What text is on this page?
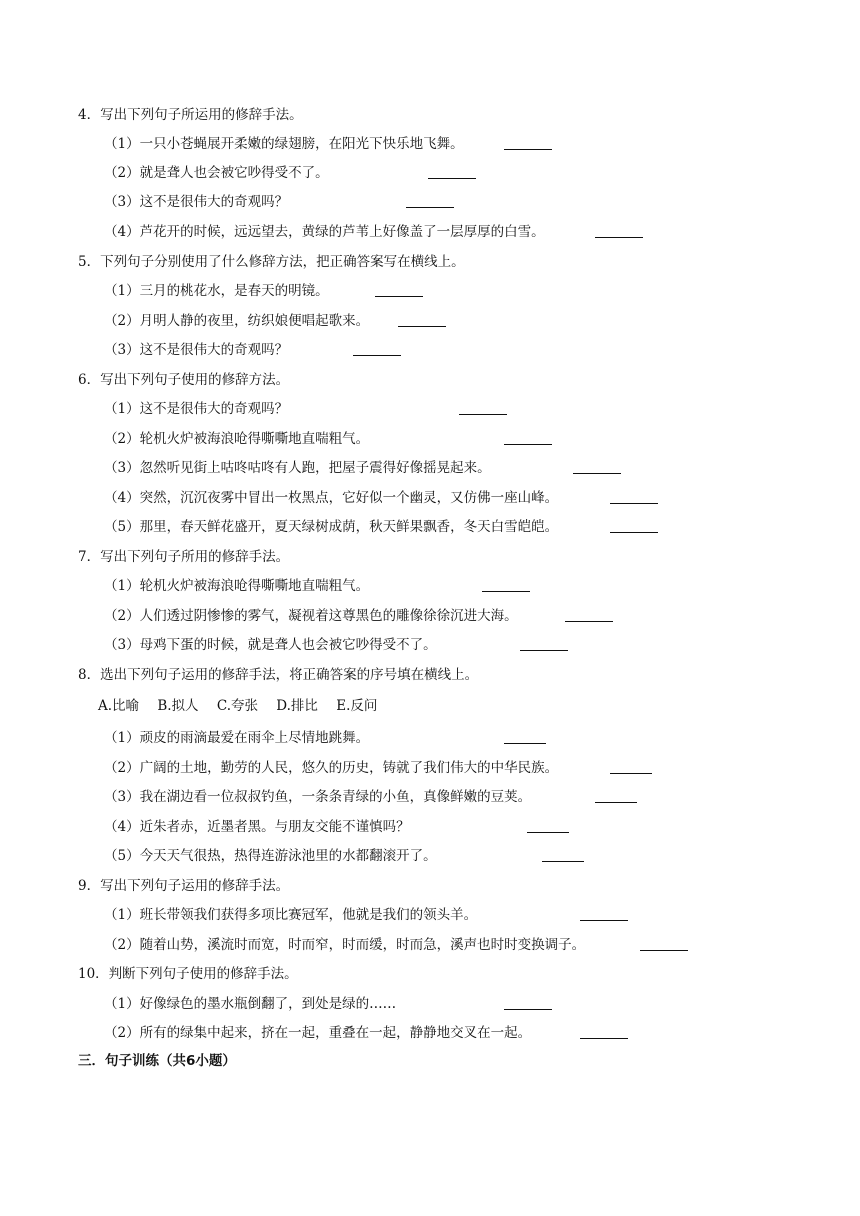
4．写出下列句子所运用的修辞手法。
（1）一只小苍蝇展开柔嫩的绿翅膀，在阳光下快乐地飞舞。
（2）就是聋人也会被它吵得受不了。
（3）这不是很伟大的奇观吗？
（4）芦花开的时候，远远望去，黄绿的芦苇上好像盖了一层厚厚的白雪。
5．下列句子分别使用了什么修辞方法，把正确答案写在横线上。
（1）三月的桃花水，是春天的明镜。
（2）月明人静的夜里，纺织娘便唱起歌来。
（3）这不是很伟大的奇观吗？
6．写出下列句子使用的修辞方法。
（1）这不是很伟大的奇观吗？
（2）轮机火炉被海浪呛得嘶嘶地直喘粗气。
（3）忽然听见街上咕咚咕咚有人跑，把屋子震得好像摇晃起来。
（4）突然，沉沉夜雾中冒出一枚黑点，它好似一个幽灵，又仿佛一座山峰。
（5）那里，春天鲜花盛开，夏天绿树成荫，秋天鲜果飘香，冬天白雪皑皑。
7．写出下列句子所用的修辞手法。
（1）轮机火炉被海浪呛得嘶嘶地直喘粗气。
（2）人们透过阴惨惨的雾气，凝视着这尊黑色的雕像徐徐沉进大海。
（3）母鸡下蛋的时候，就是聋人也会被它吵得受不了。
8．选出下列句子运用的修辞手法，将正确答案的序号填在横线上。
A.比喻 B.拟人 C.夸张 D.排比 E.反问
（1）顽皮的雨滴最爱在雨伞上尽情地跳舞。
（2）广阔的土地，勤劳的人民，悠久的历史，铸就了我们伟大的中华民族。
（3）我在湖边看一位叔叔钓鱼，一条条青绿的小鱼，真像鲜嫩的豆荚。
（4）近朱者赤，近墨者黑。与朋友交能不谨慎吗？
（5）今天天气很热，热得连游泳池里的水都翻滚开了。
9．写出下列句子运用的修辞手法。
（1）班长带领我们获得多项比赛冠军，他就是我们的领头羊。
（2）随着山势，溪流时而宽，时而窄，时而缓，时而急，溪声也时时变换调子。
10．判断下列句子使用的修辞手法。
（1）好像绿色的墨水瓶倒翻了，到处是绿的……
（2）所有的绿集中起来，挤在一起，重叠在一起，静静地交叉在一起。
三．句子训练（共6小题）
